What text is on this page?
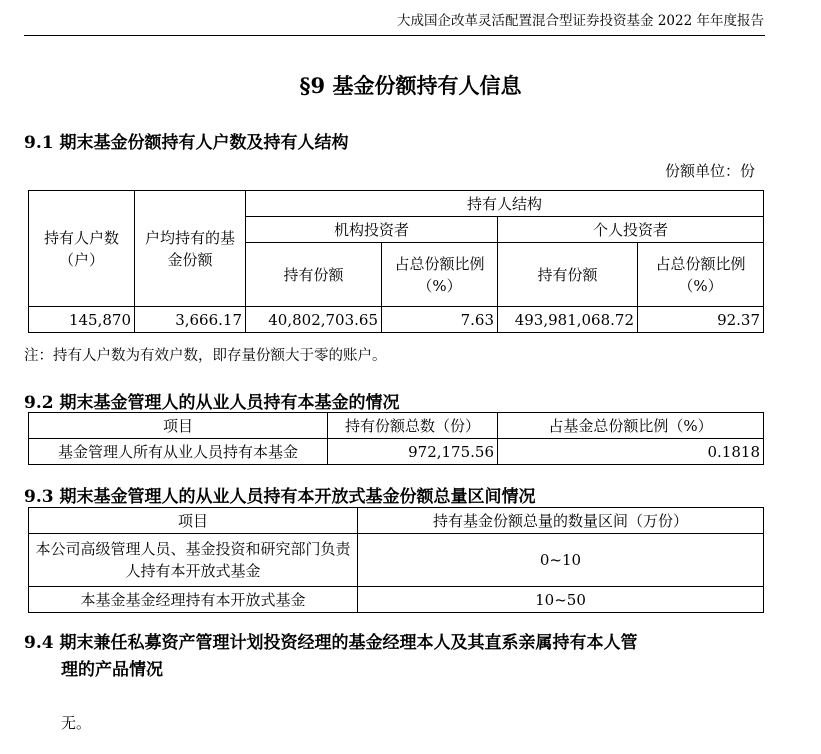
大成国企改革灵活配置混合型证券投资基金 2022 年年度报告
§9 基金份额持有人信息
9.1 期末基金份额持有人户数及持有人结构
份额单位：份
持有人户数（户）	户均持有的基金份额	持有人结构			
		机构投资者		个人投资者	
		持有份额	占总份额比例（%）	持有份额	占总份额比例（%）
145,870	3,666.17	40,802,703.65	7.63	493,981,068.72	92.37
注：持有人户数为有效户数，即存量份额大于零的账户。
9.2 期末基金管理人的从业人员持有本基金的情况
项目	持有份额总数（份）	占基金总份额比例（%）
基金管理人所有从业人员持有本基金	972,175.56	0.1818
9.3 期末基金管理人的从业人员持有本开放式基金份额总量区间情况
项目	持有基金份额总量的数量区间（万份）
本公司高级管理人员、基金投资和研究部门负责人持有本开放式基金	0~10
本基金基金经理持有本开放式基金	10~50
9.4 期末兼任私募资产管理计划投资经理的基金经理本人及其直系亲属持有本人管
理的产品情况
无。
